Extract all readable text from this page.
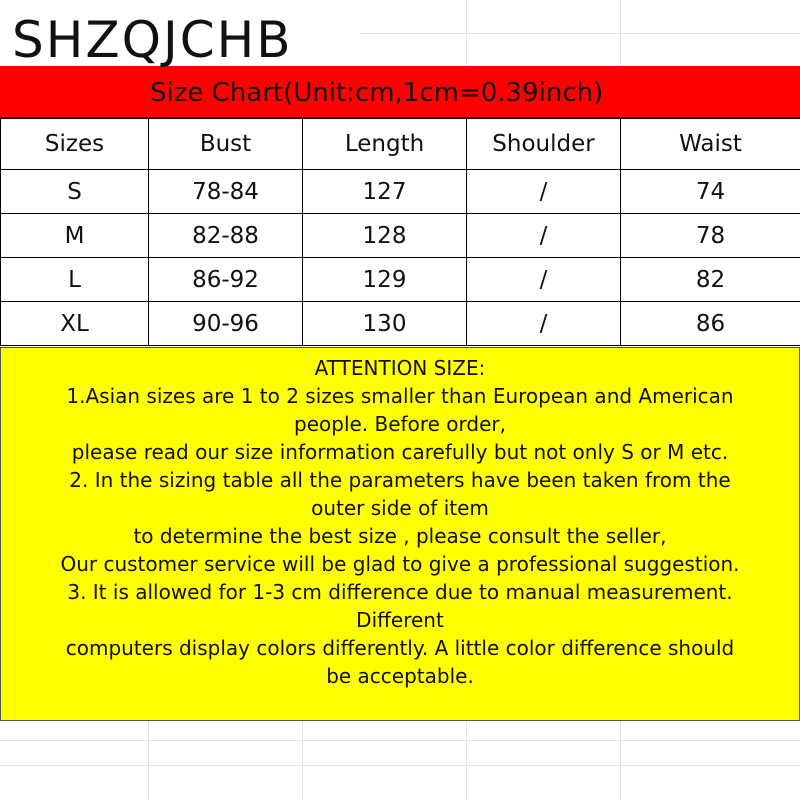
SHZQJCHB
Size Chart(Unit:cm,1cm=0.39inch)
Sizes	Bust	Length	Shoulder	Waist
S	78-84	127	/	74
M	82-88	128	/	78
L	86-92	129	/	82
XL	90-96	130	/	86
ATTENTION SIZE:
1.Asian sizes are 1 to 2 sizes smaller than European and American
people. Before order,
please read our size information carefully but not only S or M etc.
2. In the sizing table all the parameters have been taken from the
outer side of item
to determine the best size , please consult the seller,
Our customer service will be glad to give a professional suggestion.
3. It is allowed for 1-3 cm difference due to manual measurement.
Different
computers display colors differently. A little color difference should
be acceptable.
